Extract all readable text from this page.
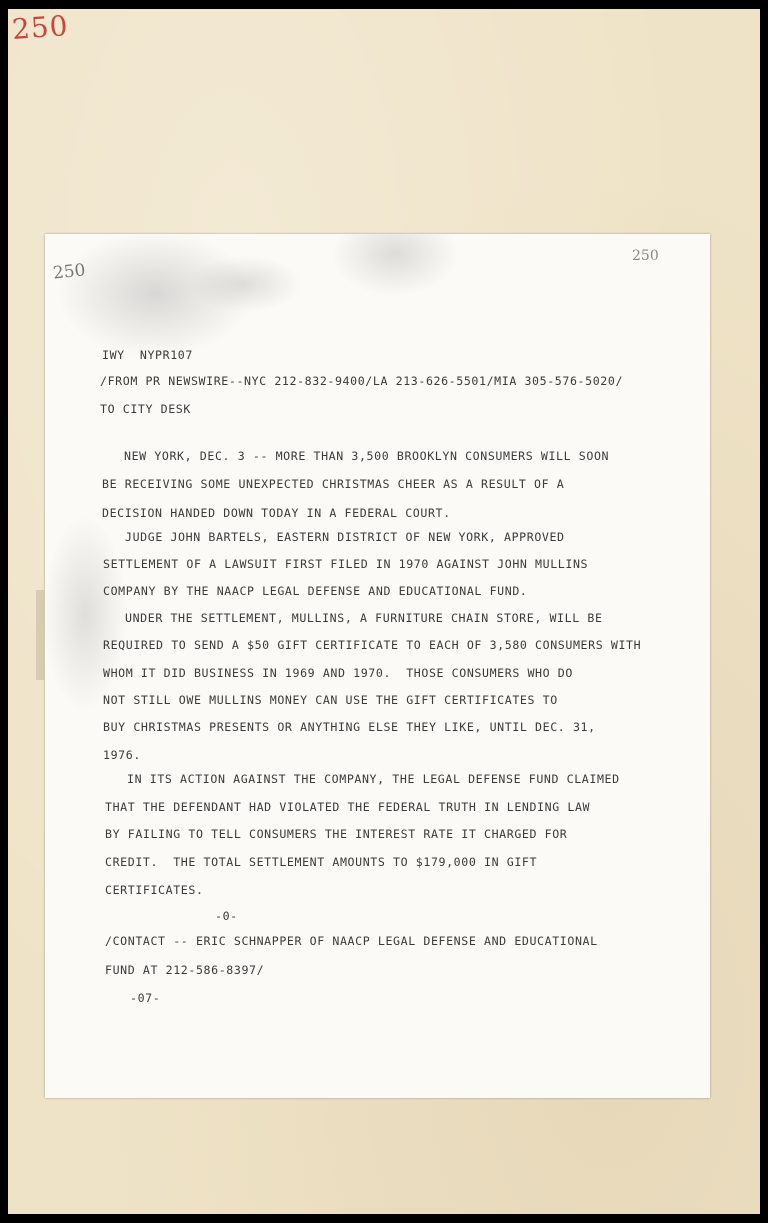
250
250
250

IWY  NYPR107

/FROM PR NEWSWIRE--NYC 212-832-9400/LA 213-626-5501/MIA 305-576-5020/

TO CITY DESK

NEW YORK, DEC. 3 -- MORE THAN 3,500 BROOKLYN CONSUMERS WILL SOON

BE RECEIVING SOME UNEXPECTED CHRISTMAS CHEER AS A RESULT OF A

DECISION HANDED DOWN TODAY IN A FEDERAL COURT.

JUDGE JOHN BARTELS, EASTERN DISTRICT OF NEW YORK, APPROVED

SETTLEMENT OF A LAWSUIT FIRST FILED IN 1970 AGAINST JOHN MULLINS

COMPANY BY THE NAACP LEGAL DEFENSE AND EDUCATIONAL FUND.

UNDER THE SETTLEMENT, MULLINS, A FURNITURE CHAIN STORE, WILL BE

REQUIRED TO SEND A $50 GIFT CERTIFICATE TO EACH OF 3,580 CONSUMERS WITH

WHOM IT DID BUSINESS IN 1969 AND 1970.  THOSE CONSUMERS WHO DO

NOT STILL OWE MULLINS MONEY CAN USE THE GIFT CERTIFICATES TO

BUY CHRISTMAS PRESENTS OR ANYTHING ELSE THEY LIKE, UNTIL DEC. 31,

1976.

IN ITS ACTION AGAINST THE COMPANY, THE LEGAL DEFENSE FUND CLAIMED

THAT THE DEFENDANT HAD VIOLATED THE FEDERAL TRUTH IN LENDING LAW

BY FAILING TO TELL CONSUMERS THE INTEREST RATE IT CHARGED FOR

CREDIT.  THE TOTAL SETTLEMENT AMOUNTS TO $179,000 IN GIFT

CERTIFICATES.

-0-

/CONTACT -- ERIC SCHNAPPER OF NAACP LEGAL DEFENSE AND EDUCATIONAL

FUND AT 212-586-8397/

-07-
